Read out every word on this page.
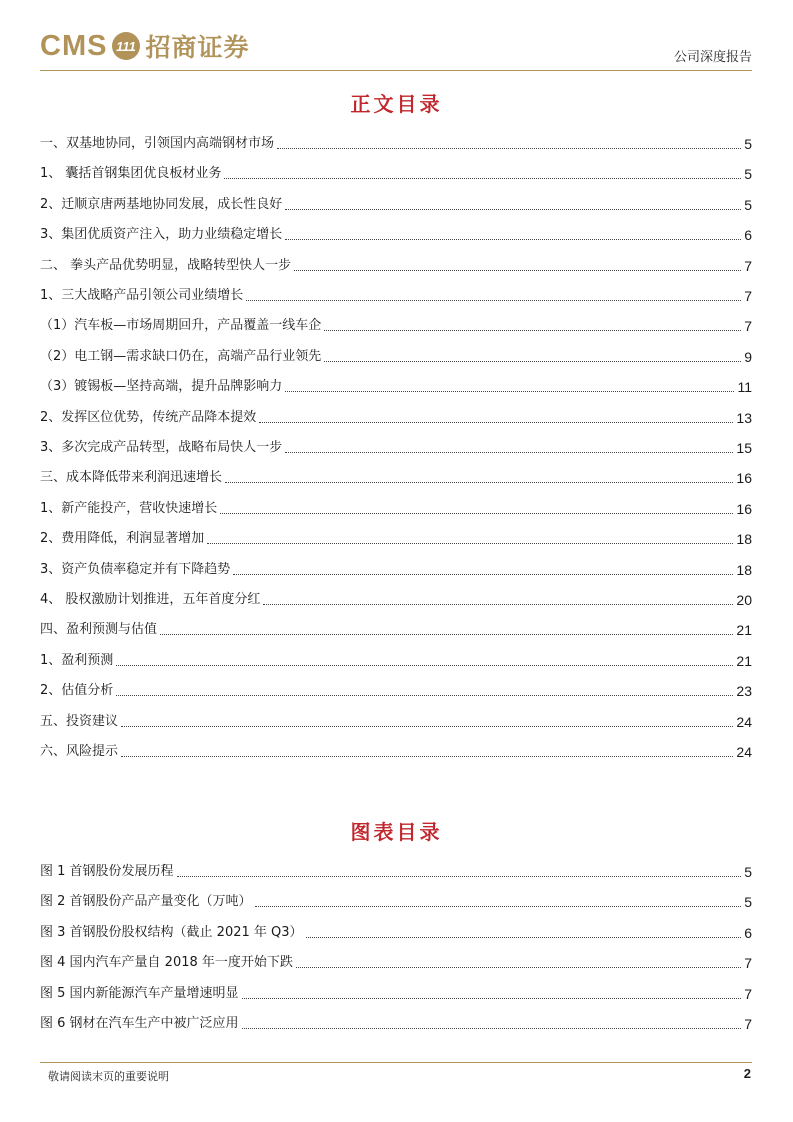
CMS 111 招商证券	公司深度报告
正文目录
一、双基地协同，引领国内高端钢材市场	5
1、 囊括首钢集团优良板材业务	5
2、迁顺京唐两基地协同发展，成长性良好	5
3、集团优质资产注入，助力业绩稳定增长	6
二、 拳头产品优势明显，战略转型快人一步	7
1、三大战略产品引领公司业绩增长	7
（1）汽车板—市场周期回升，产品覆盖一线车企	7
（2）电工钢—需求缺口仍在，高端产品行业领先	9
（3）镀锡板—坚持高端，提升品牌影响力	11
2、发挥区位优势，传统产品降本提效	13
3、多次完成产品转型，战略布局快人一步	15
三、成本降低带来利润迅速增长	16
1、新产能投产，营收快速增长	16
2、费用降低，利润显著增加	18
3、资产负债率稳定并有下降趋势	18
4、 股权激励计划推进，五年首度分红	20
四、盈利预测与估值	21
1、盈利预测	21
2、估值分析	23
五、投资建议	24
六、风险提示	24
图表目录
图 1 首钢股份发展历程	5
图 2 首钢股份产品产量变化（万吨）	5
图 3 首钢股份股权结构（截止 2021 年 Q3）	6
图 4 国内汽车产量自 2018 年一度开始下跌	7
图 5 国内新能源汽车产量增速明显	7
图 6 钢材在汽车生产中被广泛应用	7
敬请阅读末页的重要说明	2
